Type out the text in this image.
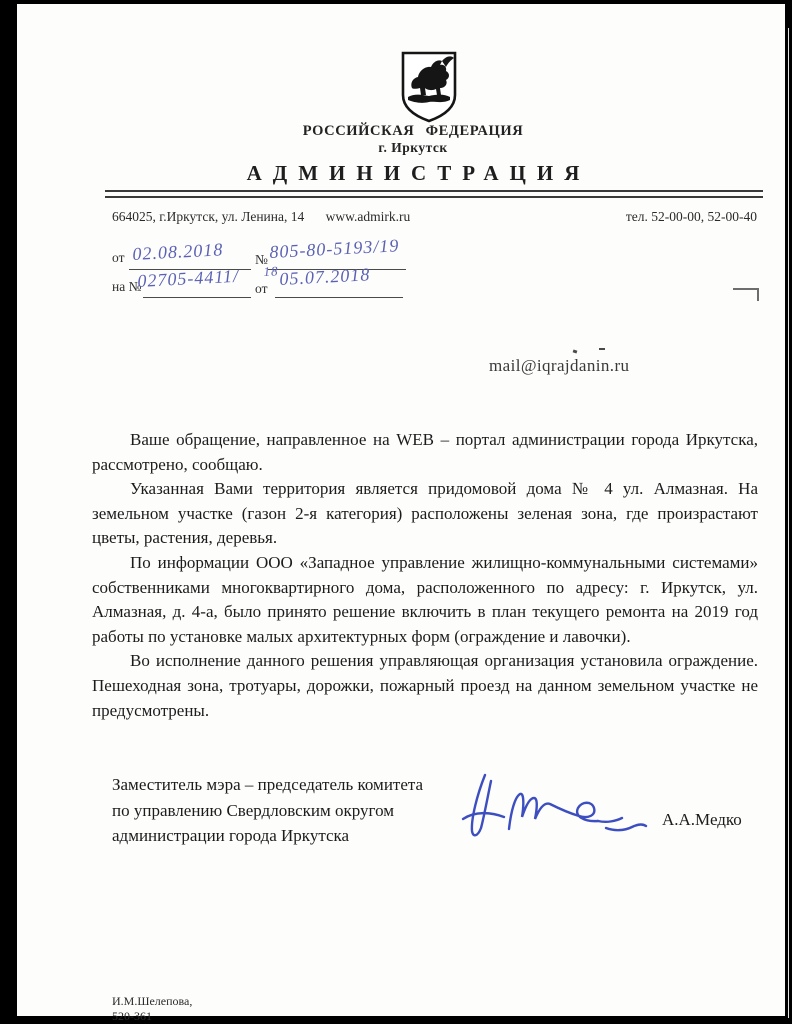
РОССИЙСКАЯ ФЕДЕРАЦИЯ
г. Иркутск
АДМИНИСТРАЦИЯ
664025, г.Иркутск, ул. Ленина, 14 www.admirk.ru	тел. 52-00-00, 52-00-40
от 02.08.2018 № 805-80-5193/19
на №
02705-4411/ 18
от 05.07.2018
mail@iqrajdanin.ru

Ваше обращение, направленное на WEB – портал администрации города Иркутска, рассмотрено, сообщаю.

Указанная Вами территория является придомовой дома № 4 ул. Алмазная. На земельном участке (газон 2-я категория) расположены зеленая зона, где произрастают цветы, растения, деревья.

По информации ООО «Западное управление жилищно-коммунальными системами» собственниками многоквартирного дома, расположенного по адресу: г. Иркутск, ул. Алмазная, д. 4-а, было принято решение включить в план текущего ремонта на 2019 год работы по установке малых архитектурных форм (ограждение и лавочки).

Во исполнение данного решения управляющая организация установила ограждение. Пешеходная зона, тротуары, дорожки, пожарный проезд на данном земельном участке не предусмотрены.

Заместитель мэра – председатель комитета
по управлению Свердловским округом
администрации города Иркутска
А.А.Медко
И.М.Шелепова,
520-361
